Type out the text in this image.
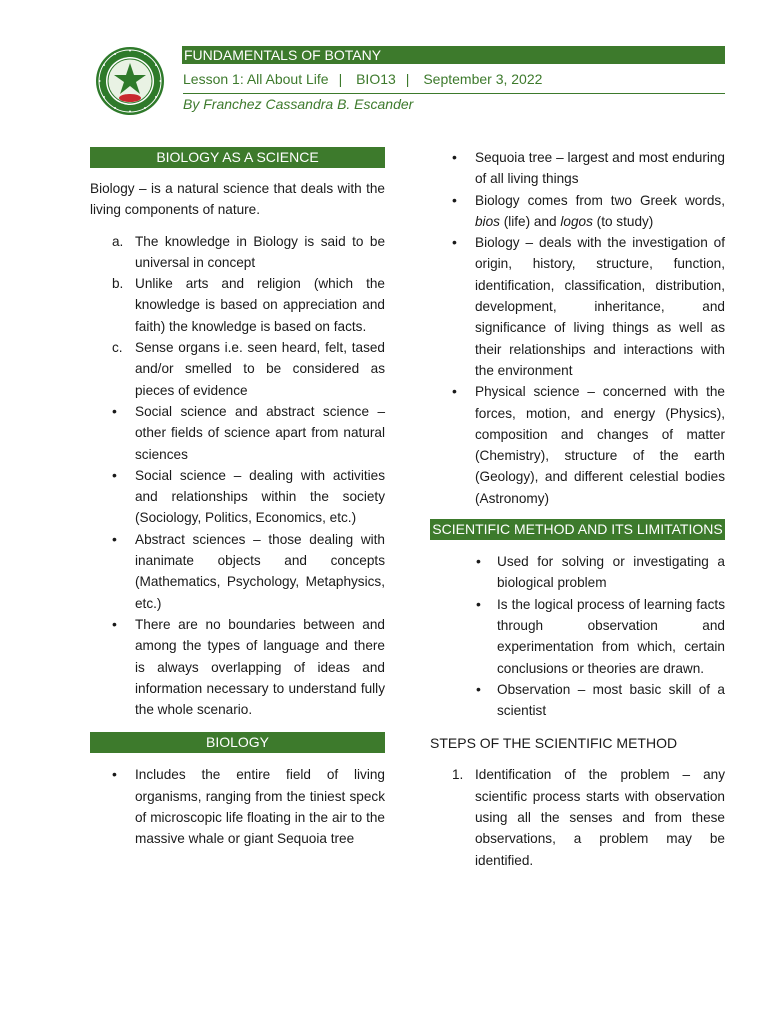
FUNDAMENTALS OF BOTANY
Lesson 1: All About Life | BIO13 | September 3, 2022
By Franchez Cassandra B. Escander
BIOLOGY AS A SCIENCE
Biology – is a natural science that deals with the living components of nature.
a. The knowledge in Biology is said to be universal in concept
b. Unlike arts and religion (which the knowledge is based on appreciation and faith) the knowledge is based on facts.
c. Sense organs i.e. seen heard, felt, tased and/or smelled to be considered as pieces of evidence
• Social science and abstract science – other fields of science apart from natural sciences
• Social science – dealing with activities and relationships within the society (Sociology, Politics, Economics, etc.)
• Abstract sciences – those dealing with inanimate objects and concepts (Mathematics, Psychology, Metaphysics, etc.)
• There are no boundaries between and among the types of language and there is always overlapping of ideas and information necessary to understand fully the whole scenario.
BIOLOGY
• Includes the entire field of living organisms, ranging from the tiniest speck of microscopic life floating in the air to the massive whale or giant Sequoia tree
• Sequoia tree – largest and most enduring of all living things
• Biology comes from two Greek words, bios (life) and logos (to study)
• Biology – deals with the investigation of origin, history, structure, function, identification, classification, distribution, development, inheritance, and significance of living things as well as their relationships and interactions with the environment
• Physical science – concerned with the forces, motion, and energy (Physics), composition and changes of matter (Chemistry), structure of the earth (Geology), and different celestial bodies (Astronomy)
SCIENTIFIC METHOD AND ITS LIMITATIONS
• Used for solving or investigating a biological problem
• Is the logical process of learning facts through observation and experimentation from which, certain conclusions or theories are drawn.
• Observation – most basic skill of a scientist
STEPS OF THE SCIENTIFIC METHOD
1. Identification of the problem – any scientific process starts with observation using all the senses and from these observations, a problem may be identified.
